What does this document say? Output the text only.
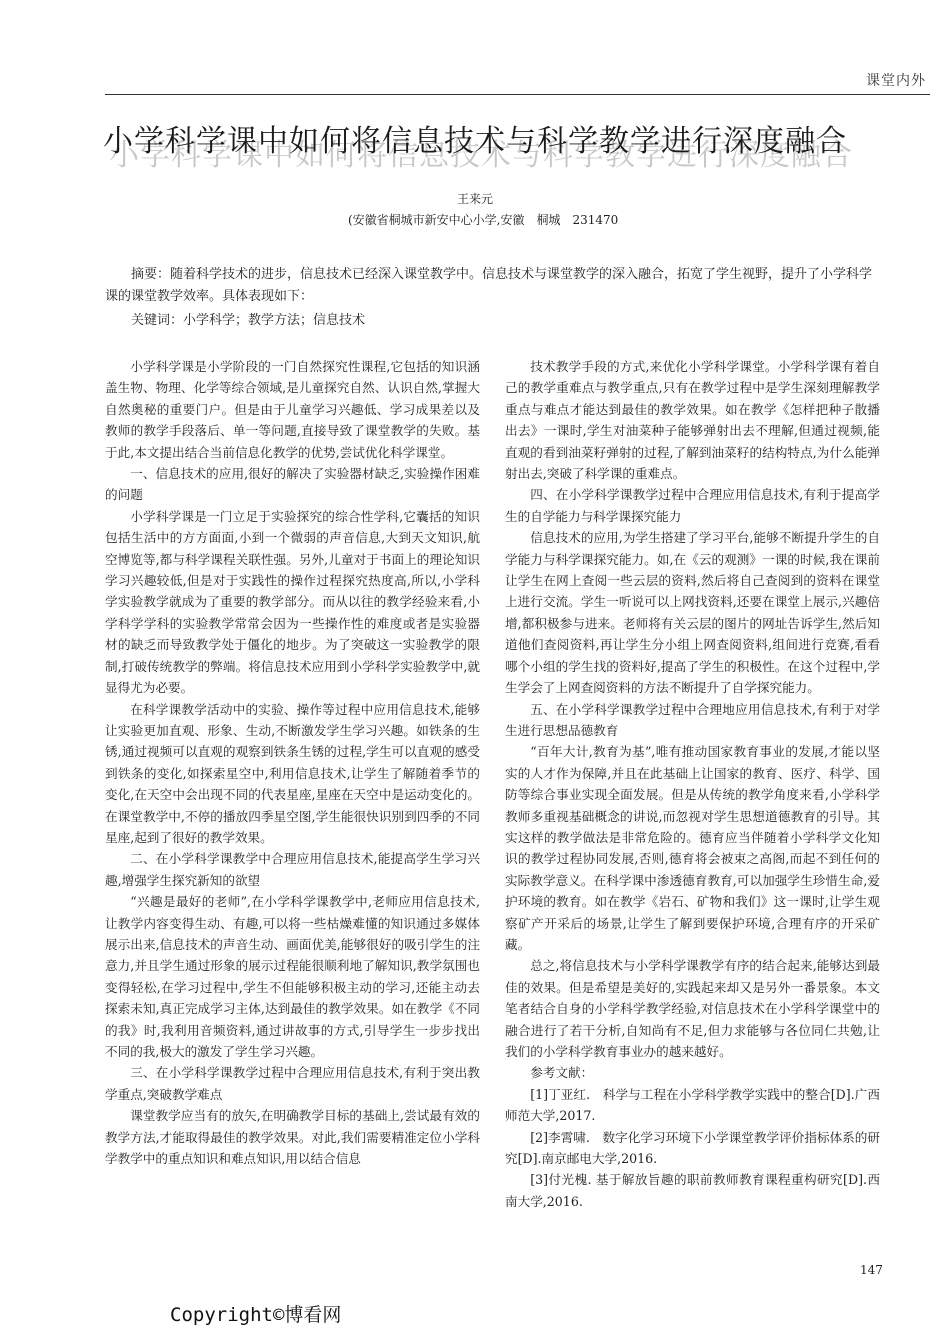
课堂内外
小学科学课中如何将信息技术与科学教学进行深度融合
王来元
(安徽省桐城市新安中心小学,安徽　桐城　231470

摘要：随着科学技术的进步，信息技术已经深入课堂教学中。信息技术与课堂教学的深入融合，拓宽了学生视野，提升了小学科学课的课堂教学效率。具体表现如下：

关键词：小学科学；教学方法；信息技术

小学科学课是小学阶段的一门自然探究性课程,它包括的知识涵盖生物、物理、化学等综合领域,是儿童探究自然、认识自然,掌握大自然奥秘的重要门户。但是由于儿童学习兴趣低、学习成果差以及教师的教学手段落后、单一等问题,直接导致了课堂教学的失败。基于此,本文提出结合当前信息化教学的优势,尝试优化科学课堂。

一、信息技术的应用,很好的解决了实验器材缺乏,实验操作困难的问题

小学科学课是一门立足于实验探究的综合性学科,它囊括的知识包括生活中的方方面面,小到一个微弱的声音信息,大到天文知识,航空博览等,都与科学课程关联性强。另外,儿童对于书面上的理论知识学习兴趣较低,但是对于实践性的操作过程探究热度高,所以,小学科学实验教学就成为了重要的教学部分。而从以往的教学经验来看,小学科学学科的实验教学常常会因为一些操作性的难度或者是实验器材的缺乏而导致教学处于僵化的地步。为了突破这一实验教学的限制,打破传统教学的弊端。将信息技术应用到小学科学实验教学中,就显得尤为必要。

在科学课教学活动中的实验、操作等过程中应用信息技术,能够让实验更加直观、形象、生动,不断激发学生学习兴趣。如铁条的生锈,通过视频可以直观的观察到铁条生锈的过程,学生可以直观的感受到铁条的变化,如探索星空中,利用信息技术,让学生了解随着季节的变化,在天空中会出现不同的代表星座,星座在天空中是运动变化的。在课堂教学中,不停的播放四季星空图,学生能很快识别到四季的不同星座,起到了很好的教学效果。

二、在小学科学课教学中合理应用信息技术,能提高学生学习兴趣,增强学生探究新知的欲望

“兴趣是最好的老师”,在小学科学课教学中,老师应用信息技术,让教学内容变得生动、有趣,可以将一些枯燥难懂的知识通过多媒体展示出来,信息技术的声音生动、画面优美,能够很好的吸引学生的注意力,并且学生通过形象的展示过程能很顺利地了解知识,教学氛围也变得轻松,在学习过程中,学生不但能够积极主动的学习,还能主动去探索未知,真正完成学习主体,达到最佳的教学效果。如在教学《不同的我》时,我利用音频资料,通过讲故事的方式,引导学生一步步找出不同的我,极大的激发了学生学习兴趣。

三、在小学科学课教学过程中合理应用信息技术,有利于突出教学重点,突破教学难点

课堂教学应当有的放矢,在明确教学目标的基础上,尝试最有效的教学方法,才能取得最佳的教学效果。对此,我们需要精准定位小学科学教学中的重点知识和难点知识,用以结合信息

技术教学手段的方式,来优化小学科学课堂。小学科学课有着自己的教学重难点与教学重点,只有在教学过程中是学生深刻理解教学重点与难点才能达到最佳的教学效果。如在教学《怎样把种子散播出去》一课时,学生对油菜种子能够弹射出去不理解,但通过视频,能直观的看到油菜籽弹射的过程,了解到油菜籽的结构特点,为什么能弹射出去,突破了科学课的重难点。

四、在小学科学课教学过程中合理应用信息技术,有利于提高学生的自学能力与科学课探究能力

信息技术的应用,为学生搭建了学习平台,能够不断提升学生的自学能力与科学课探究能力。如,在《云的观测》一课的时候,我在课前让学生在网上查阅一些云层的资料,然后将自己查阅到的资料在课堂上进行交流。学生一听说可以上网找资料,还要在课堂上展示,兴趣倍增,都积极参与进来。老师将有关云层的图片的网址告诉学生,然后知道他们查阅资料,再让学生分小组上网查阅资料,组间进行竞赛,看看哪个小组的学生找的资料好,提高了学生的积极性。在这个过程中,学生学会了上网查阅资料的方法不断提升了自学探究能力。

五、在小学科学课教学过程中合理地应用信息技术,有利于对学生进行思想品德教育

“百年大计,教育为基”,唯有推动国家教育事业的发展,才能以坚实的人才作为保障,并且在此基础上让国家的教育、医疗、科学、国防等综合事业实现全面发展。但是从传统的教学角度来看,小学科学教师多重视基础概念的讲说,而忽视对学生思想道德教育的引导。其实这样的教学做法是非常危险的。德育应当伴随着小学科学文化知识的教学过程协同发展,否则,德育将会被束之高阁,而起不到任何的实际教学意义。在科学课中渗透德育教育,可以加强学生珍惜生命,爱护环境的教育。如在教学《岩石、矿物和我们》这一课时,让学生观察矿产开采后的场景,让学生了解到要保护环境,合理有序的开采矿藏。

总之,将信息技术与小学科学课教学有序的结合起来,能够达到最佳的效果。但是希望是美好的,实践起来却又是另外一番景象。本文笔者结合自身的小学科学教学经验,对信息技术在小学科学课堂中的融合进行了若干分析,自知尚有不足,但力求能够与各位同仁共勉,让我们的小学科学教育事业办的越来越好。

参考文献：

[1]丁亚红.　科学与工程在小学科学教学实践中的整合[D].广西师范大学,2017.

[2]李霄啸.　数字化学习环境下小学课堂教学评价指标体系的研究[D].南京邮电大学,2016.

[3]付光槐. 基于解放旨趣的职前教师教育课程重构研究[D].西南大学,2016.

147
Copyright©博看网
